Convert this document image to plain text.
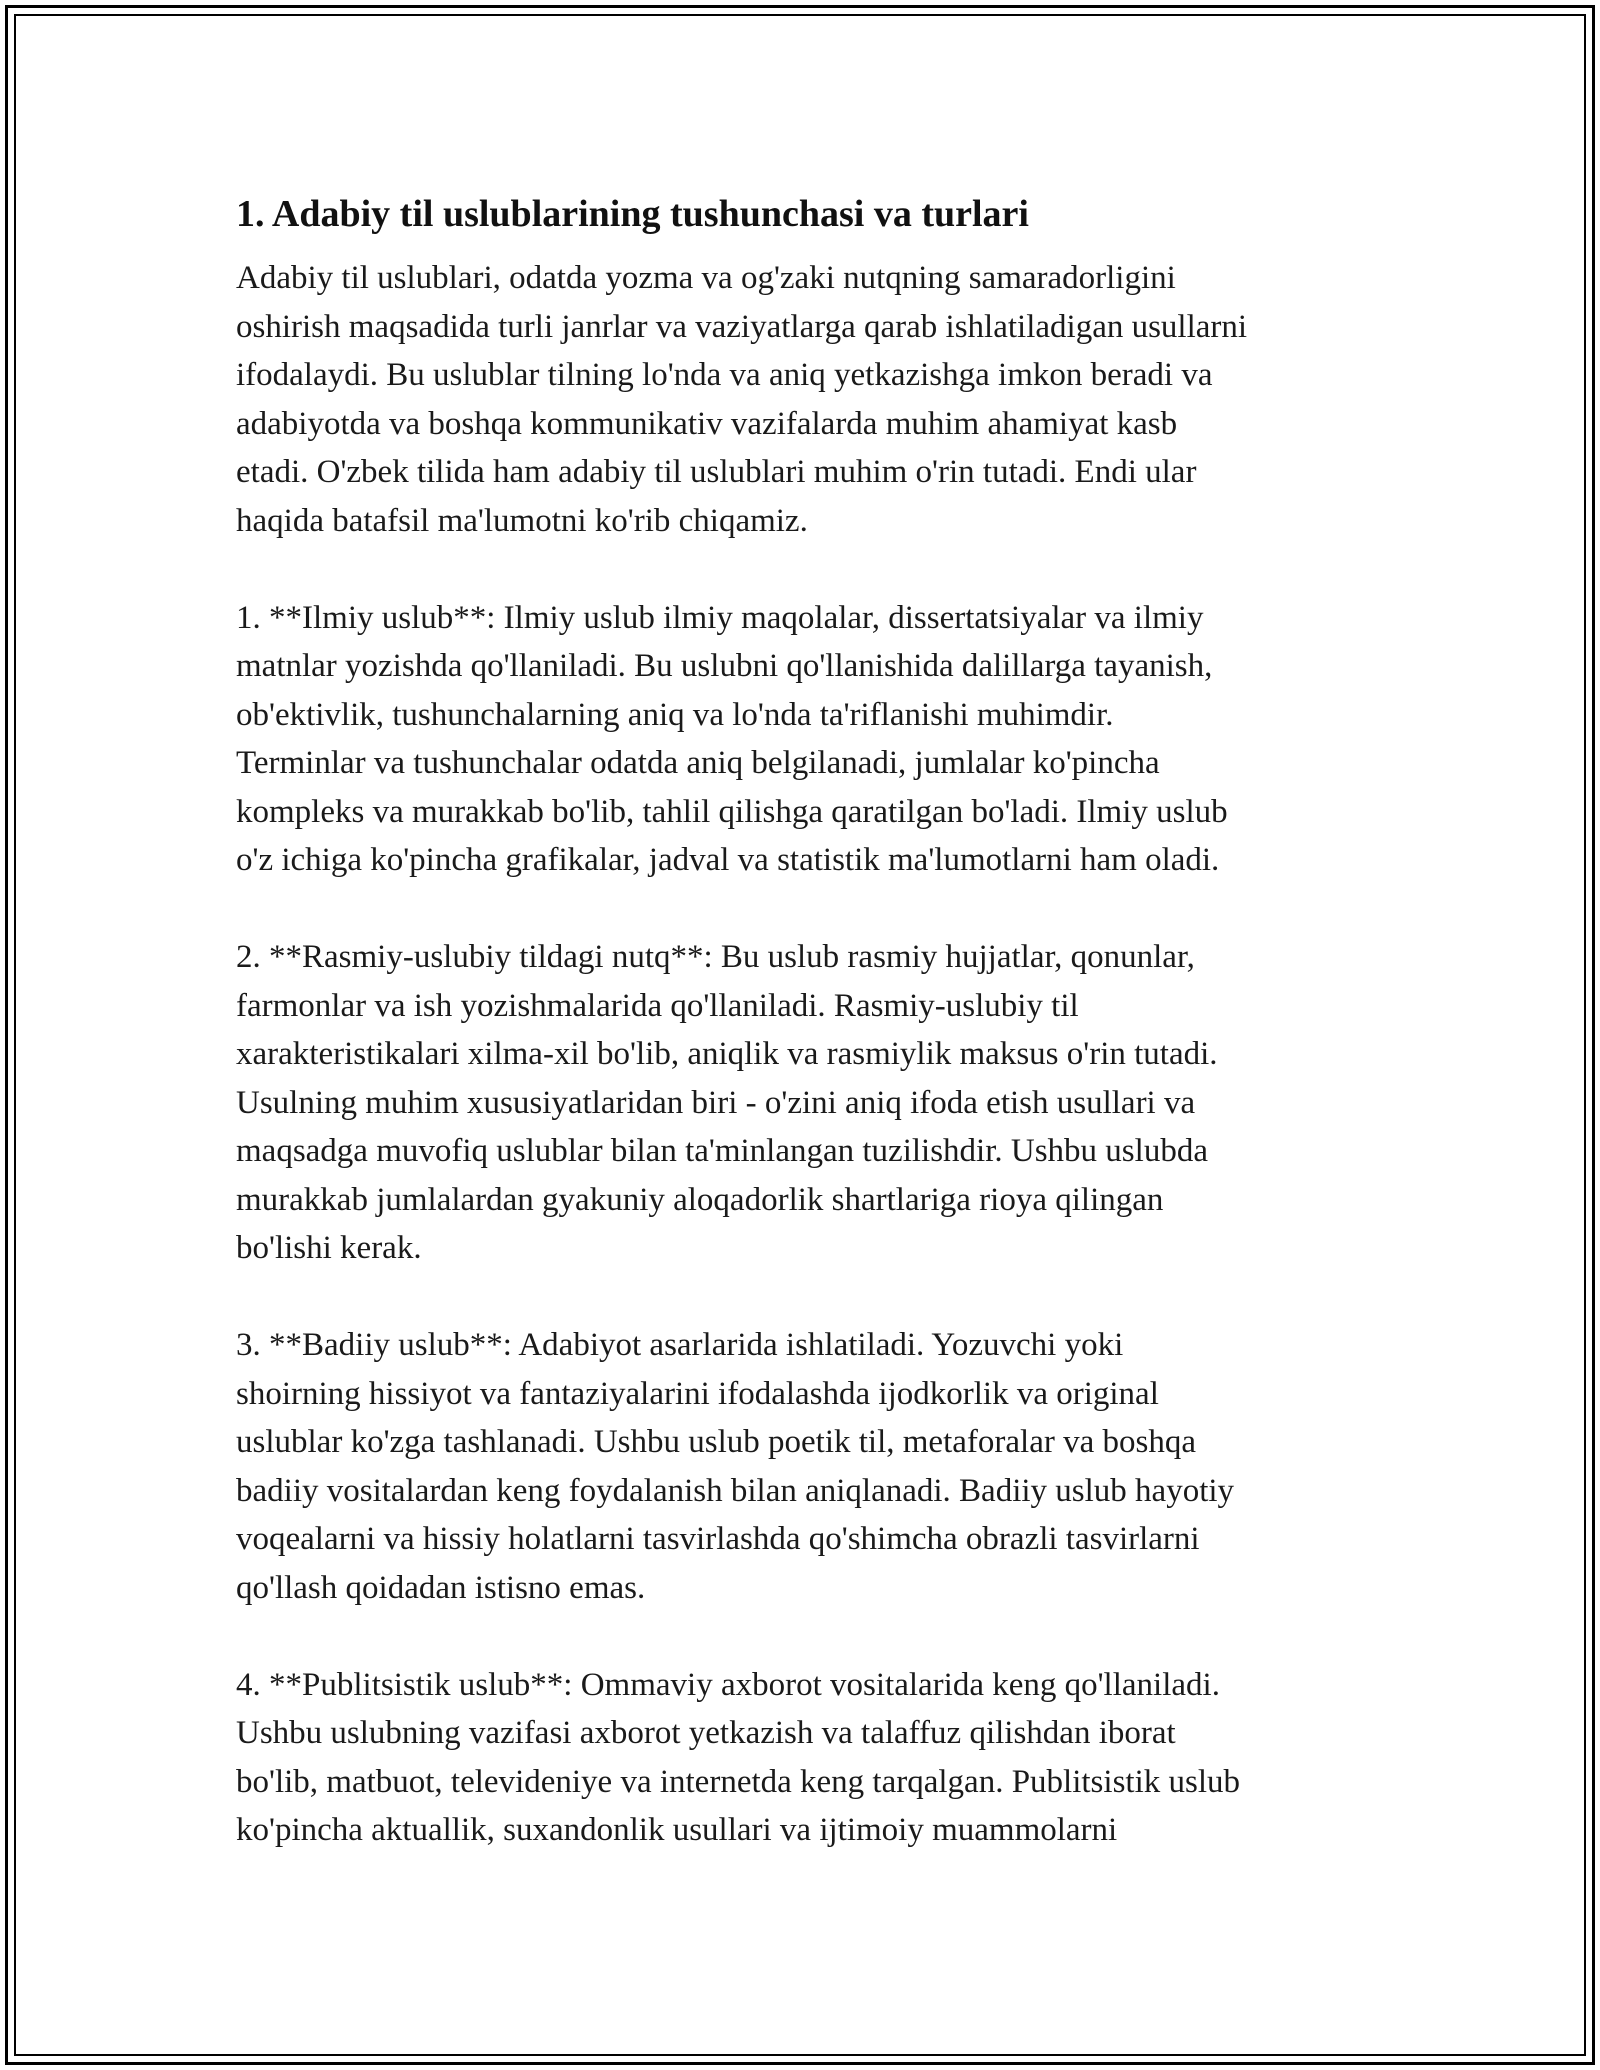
1. Adabiy til uslublarining tushunchasi va turlari

Adabiy til uslublari, odatda yozma va og'zaki nutqning samaradorligini
oshirish maqsadida turli janrlar va vaziyatlarga qarab ishlatiladigan usullarni
ifodalaydi. Bu uslublar tilning lo'nda va aniq yetkazishga imkon beradi va
adabiyotda va boshqa kommunikativ vazifalarda muhim ahamiyat kasb
etadi. O'zbek tilida ham adabiy til uslublari muhim o'rin tutadi. Endi ular
haqida batafsil ma'lumotni ko'rib chiqamiz.

1. **Ilmiy uslub**: Ilmiy uslub ilmiy maqolalar, dissertatsiyalar va ilmiy
matnlar yozishda qo'llaniladi. Bu uslubni qo'llanishida dalillarga tayanish,
ob'ektivlik, tushunchalarning aniq va lo'nda ta'riflanishi muhimdir.
Terminlar va tushunchalar odatda aniq belgilanadi, jumlalar ko'pincha
kompleks va murakkab bo'lib, tahlil qilishga qaratilgan bo'ladi. Ilmiy uslub
o'z ichiga ko'pincha grafikalar, jadval va statistik ma'lumotlarni ham oladi.

2. **Rasmiy-uslubiy tildagi nutq**: Bu uslub rasmiy hujjatlar, qonunlar,
farmonlar va ish yozishmalarida qo'llaniladi. Rasmiy-uslubiy til
xarakteristikalari xilma-xil bo'lib, aniqlik va rasmiylik maksus o'rin tutadi.
Usulning muhim xususiyatlaridan biri - o'zini aniq ifoda etish usullari va
maqsadga muvofiq uslublar bilan ta'minlangan tuzilishdir. Ushbu uslubda
murakkab jumlalardan gyakuniy aloqadorlik shartlariga rioya qilingan
bo'lishi kerak.

3. **Badiiy uslub**: Adabiyot asarlarida ishlatiladi. Yozuvchi yoki
shoirning hissiyot va fantaziyalarini ifodalashda ijodkorlik va original
uslublar ko'zga tashlanadi. Ushbu uslub poetik til, metaforalar va boshqa
badiiy vositalardan keng foydalanish bilan aniqlanadi. Badiiy uslub hayotiy
voqealarni va hissiy holatlarni tasvirlashda qo'shimcha obrazli tasvirlarni
qo'llash qoidadan istisno emas.

4. **Publitsistik uslub**: Ommaviy axborot vositalarida keng qo'llaniladi.
Ushbu uslubning vazifasi axborot yetkazish va talaffuz qilishdan iborat
bo'lib, matbuot, televideniye va internetda keng tarqalgan. Publitsistik uslub
ko'pincha aktuallik, suxandonlik usullari va ijtimoiy muammolarni
